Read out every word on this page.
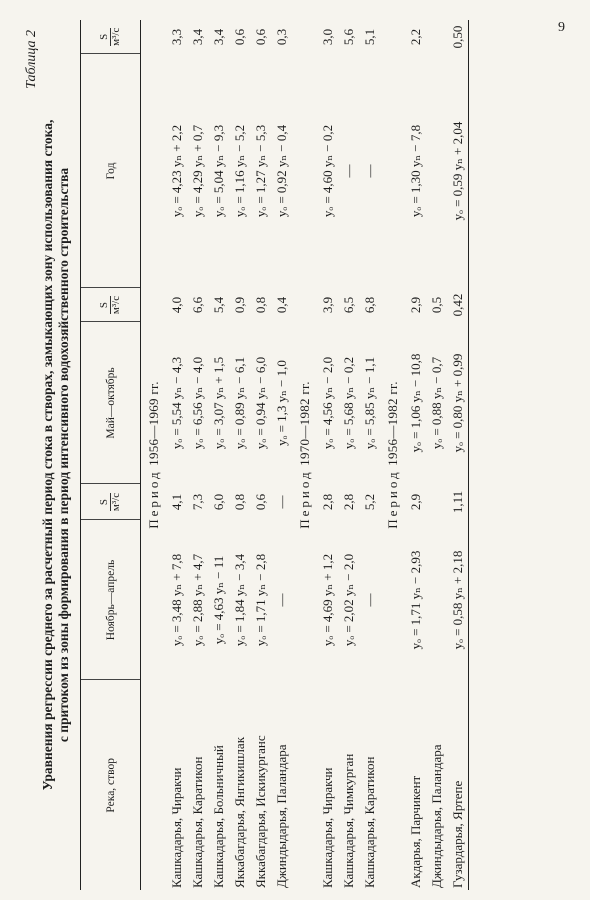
9
Таблица 2
Уравнения регрессии среднего за расчетный период стока в створах, замыкающих зону использования стока, с притоком из зоны формирования в период интенсивного водохозяйственного строительства
Река, створ	Ноябрь—апрель	S м³/с	Май—октябрь	S м³/с	Год	S м³/с

Период 1956—1969 гг.						
Кашкадарья, Чиракчи	yₒ = 3,48 yₙ + 7,8	4,1	yₒ = 5,54 yₙ − 4,3	4,0	yₒ = 4,23 yₙ + 2,2	3,3
Кашкадарья, Каратикон	yₒ = 2,88 yₙ + 4,7	7,3	yₒ = 6,56 yₙ − 4,0	6,6	yₒ = 4,29 yₙ + 0,7	3,4
Кашкадарья, Больничный	yₒ = 4,63 yₙ − 11	6,0	yₒ = 3,07 yₙ + 1,5	5,4	yₒ = 5,04 yₙ − 9,3	3,4
Яккабагдарья, Янгикишлак	yₒ = 1,84 yₙ − 3,4	0,8	yₒ = 0,89 yₙ − 6,1	0,9	yₒ = 1,16 yₙ − 5,2	0,6
Яккабагдарья, Искикурганс	yₒ = 1,71 yₙ − 2,8	0,6	yₒ = 0,94 yₙ − 6,0	0,8	yₒ = 1,27 yₙ − 5,3	0,6
Джиндыдарья, Паландара	—	—	yₒ = 1,3 yₙ − 1,0	0,4	yₒ = 0,92 yₙ − 0,4	0,3
Период 1970—1982 гг.						
Кашкадарья, Чиракчи	yₒ = 4,69 yₙ + 1,2	2,8	yₒ = 4,56 yₙ − 2,0	3,9	yₒ = 4,60 yₙ − 0,2	3,0
Кашкадарья, Чимкурган	yₒ = 2,02 yₙ − 2,0	2,8	yₒ = 5,68 yₙ − 0,2	6,5	—	5,6
Кашкадарья, Каратикон	—	5,2	yₒ = 5,85 yₙ − 1,1	6,8	—	5,1
Период 1956—1982 гг.						
Акдарья, Парчикент	yₒ = 1,71 yₙ − 2,93	2,9	yₒ = 1,06 yₙ − 10,8	2,9	yₒ = 1,30 yₙ − 7,8	2,2
Джиндыдарья, Паландара			yₒ = 0,88 yₙ − 0,7	0,5		
Гузардарья, Яртепе	yₒ = 0,58 yₙ + 2,18	1,11	yₒ = 0,80 yₙ + 0,99	0,42	yₒ = 0,59 yₙ + 2,04	0,50
